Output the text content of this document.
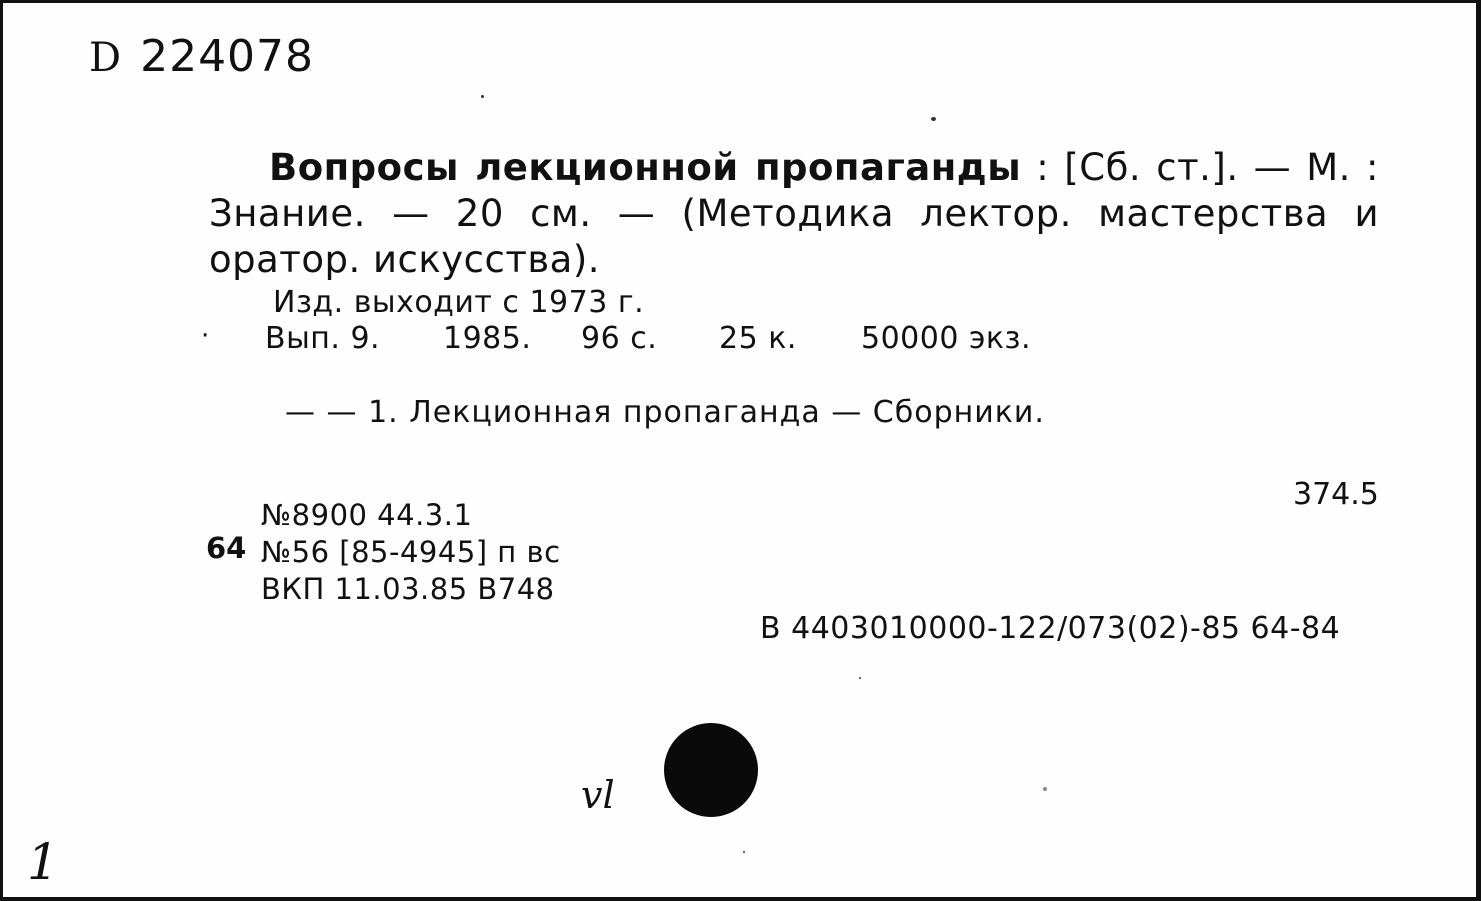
D 224078
Вопросы лекционной пропаганды : [Сб. ст.]. — М. : Знание. — 20 см. — (Методика лектор. мастерства и оратор. искусства).
Изд. выходит с 1973 г.
· Вып. 9. 1985. 96 с. 25 к. 50000 экз.
— — 1. Лекционная пропаганда — Сборники.
374.5
64
№8900 44.3.1
№56 [85-4945] п вс
ВКП 11.03.85 В748
В 4403010000-122/073(02)-85 64-84
vl
1
